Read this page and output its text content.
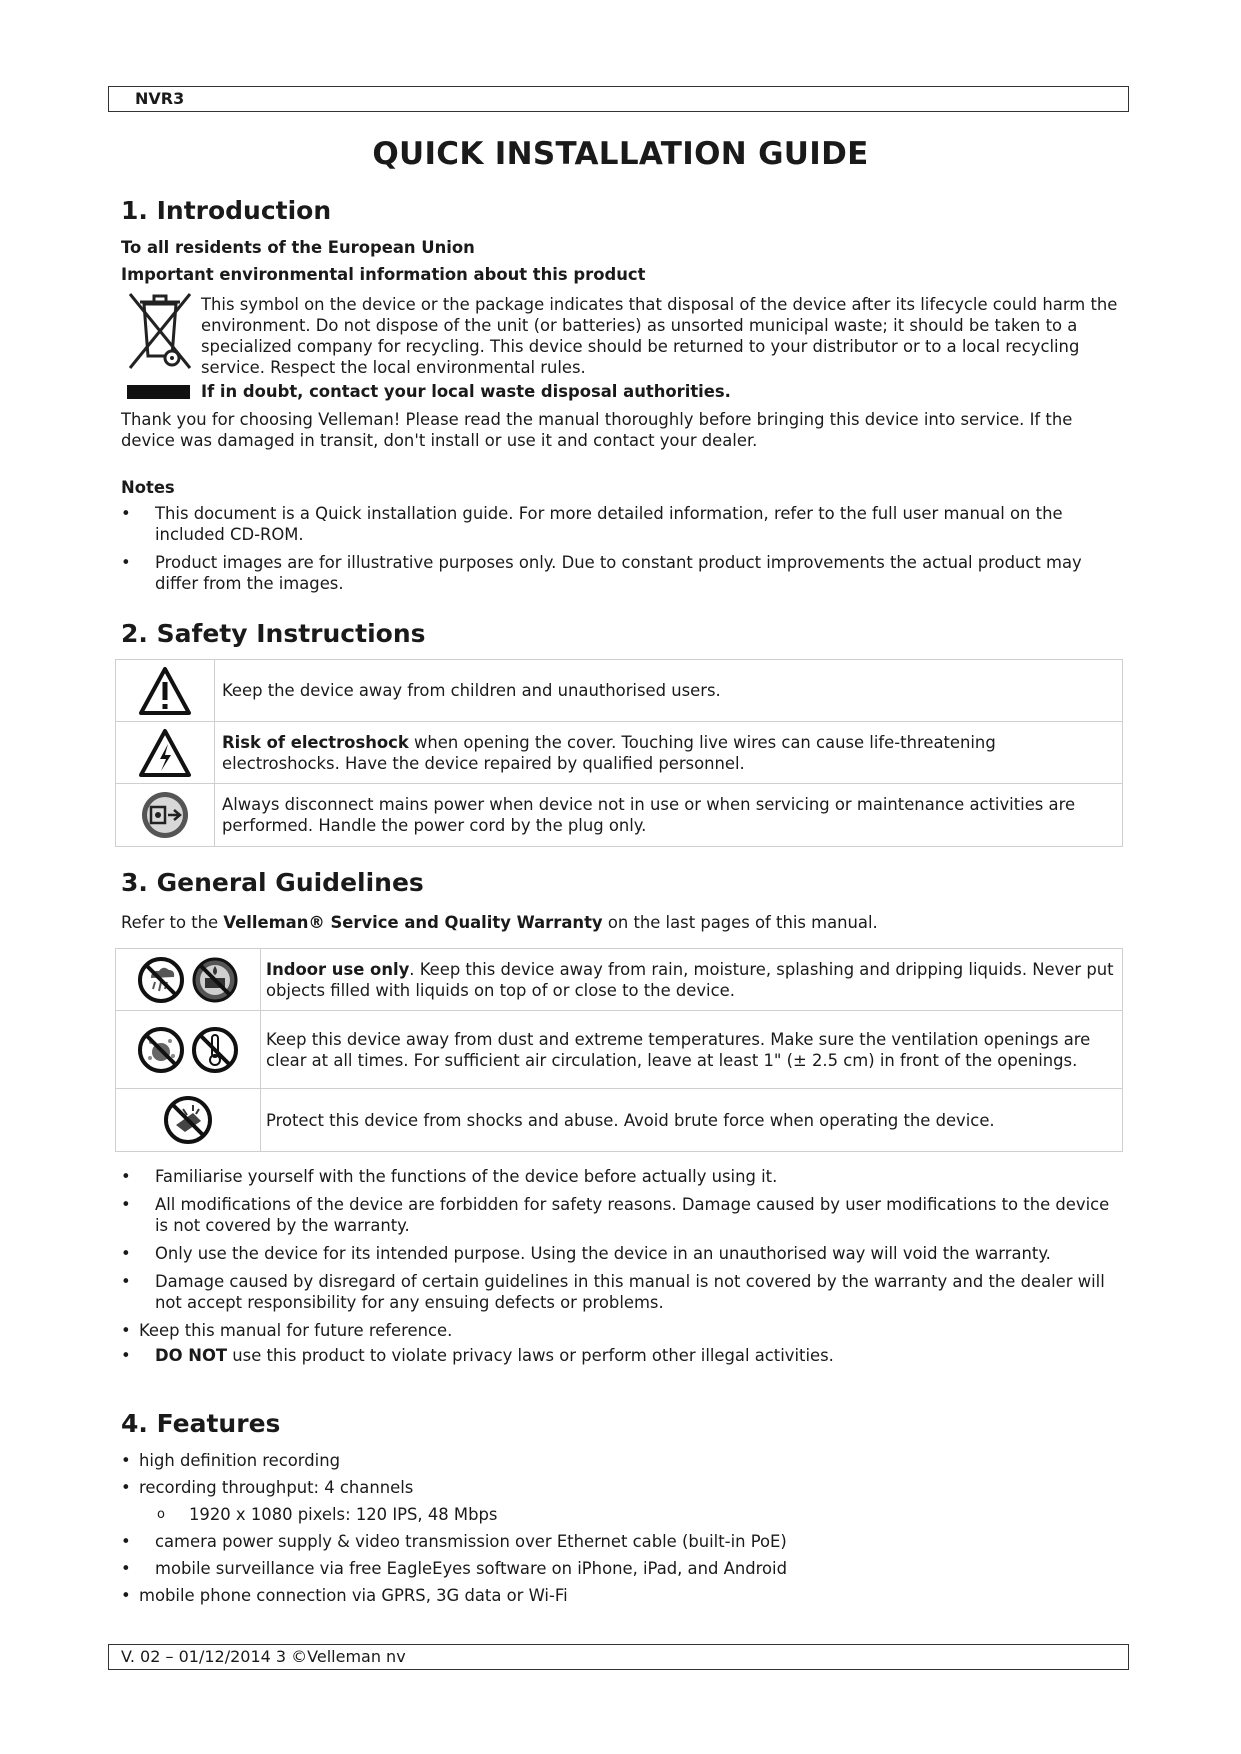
NVR3
QUICK INSTALLATION GUIDE
1. Introduction
To all residents of the European Union
Important environmental information about this product
This symbol on the device or the package indicates that disposal of the device after its lifecycle could harm the environment. Do not dispose of the unit (or batteries) as unsorted municipal waste; it should be taken to a specialized company for recycling. This device should be returned to your distributor or to a local recycling service. Respect the local environmental rules.
If in doubt, contact your local waste disposal authorities.
Thank you for choosing Velleman! Please read the manual thoroughly before bringing this device into service. If the device was damaged in transit, don't install or use it and contact your dealer.
Notes
• This document is a Quick installation guide. For more detailed information, refer to the full user manual on the included CD-ROM.
• Product images are for illustrative purposes only. Due to constant product improvements the actual product may differ from the images.
2. Safety Instructions
Keep the device away from children and unauthorised users.
Risk of electroshock when opening the cover. Touching live wires can cause life-threatening electroshocks. Have the device repaired by qualified personnel.
Always disconnect mains power when device not in use or when servicing or maintenance activities are performed. Handle the power cord by the plug only.
3. General Guidelines
Refer to the Velleman® Service and Quality Warranty on the last pages of this manual.
Indoor use only. Keep this device away from rain, moisture, splashing and dripping liquids. Never put objects filled with liquids on top of or close to the device.
Keep this device away from dust and extreme temperatures. Make sure the ventilation openings are clear at all times. For sufficient air circulation, leave at least 1" (± 2.5 cm) in front of the openings.
Protect this device from shocks and abuse. Avoid brute force when operating the device.
• Familiarise yourself with the functions of the device before actually using it.
• All modifications of the device are forbidden for safety reasons. Damage caused by user modifications to the device is not covered by the warranty.
• Only use the device for its intended purpose. Using the device in an unauthorised way will void the warranty.
• Damage caused by disregard of certain guidelines in this manual is not covered by the warranty and the dealer will not accept responsibility for any ensuing defects or problems.
• Keep this manual for future reference.
• DO NOT use this product to violate privacy laws or perform other illegal activities.
4. Features
• high definition recording
• recording throughput: 4 channels
o 1920 x 1080 pixels: 120 IPS, 48 Mbps
• camera power supply & video transmission over Ethernet cable (built-in PoE)
• mobile surveillance via free EagleEyes software on iPhone, iPad, and Android
• mobile phone connection via GPRS, 3G data or Wi-Fi
V. 02 – 01/12/2014 3 ©Velleman nv
